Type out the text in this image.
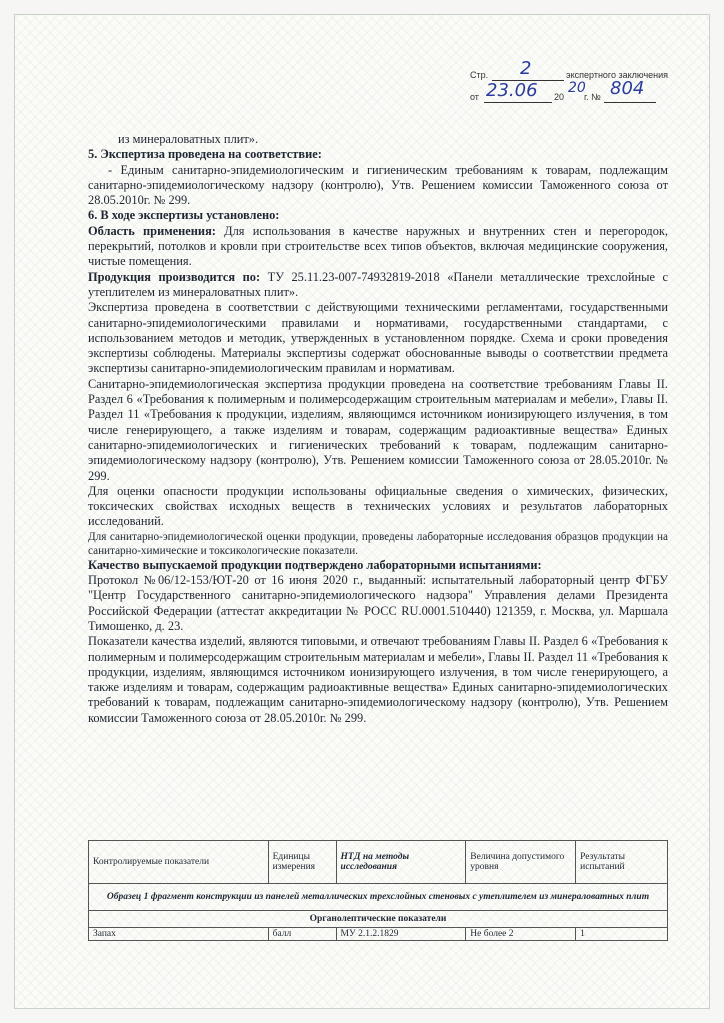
Стр. 2	экспертного заключения
от 23.06 20
20
г. № 804

из минераловатных плит».

5. Экспертиза проведена на соответствие:

- Единым санитарно-эпидемиологическим и гигиеническим требованиям к товарам, подлежащим санитарно-эпидемиологическому надзору (контролю), Утв. Решением комиссии Таможенного союза от 28.05.2010г. № 299.

6. В ходе экспертизы установлено:

Область применения: Для использования в качестве наружных и внутренних стен и перегородок, перекрытий, потолков и кровли при строительстве всех типов объектов, включая медицинские сооружения, чистые помещения.

Продукция производится по: ТУ 25.11.23-007-74932819-2018 «Панели металлические трехслойные с утеплителем из минераловатных плит».

Экспертиза проведена в соответствии с действующими техническими регламентами, государственными санитарно-эпидемиологическими правилами и нормативами, государственными стандартами, с использованием методов и методик, утвержденных в установленном порядке. Схема и сроки проведения экспертизы соблюдены. Материалы экспертизы содержат обоснованные выводы о соответствии предмета экспертизы санитарно-эпидемиологическим правилам и нормативам.

Санитарно-эпидемиологическая экспертиза продукции проведена на соответствие требованиям Главы II. Раздел 6 «Требования к полимерным и полимерсодержащим строительным материалам и мебели», Главы II. Раздел 11 «Требования к продукции, изделиям, являющимся источником ионизирующего излучения, в том числе генерирующего, а также изделиям и товарам, содержащим радиоактивные вещества» Единых санитарно-эпидемиологических и гигиенических требований к товарам, подлежащим санитарно-эпидемиологическому надзору (контролю), Утв. Решением комиссии Таможенного союза от 28.05.2010г. № 299.

Для оценки опасности продукции использованы официальные сведения о химических, физических, токсических свойствах исходных веществ в технических условиях и результатов лабораторных исследований.

Для санитарно-эпидемиологической оценки продукции, проведены лабораторные исследования образцов продукции на санитарно-химические и токсикологические показатели.

Качество выпускаемой продукции подтверждено лабораторными испытаниями:

Протокол №06/12-153/ЮТ-20 от 16 июня 2020 г., выданный: испытательный лабораторный центр ФГБУ "Центр Государственного санитарно-эпидемиологического надзора" Управления делами Президента Российской Федерации (аттестат аккредитации № РОСС RU.0001.510440) 121359, г. Москва, ул. Маршала Тимошенко, д. 23.

Показатели качества изделий, являются типовыми, и отвечают требованиям Главы II. Раздел 6 «Требования к полимерным и полимерсодержащим строительным материалам и мебели», Главы II. Раздел 11 «Требования к продукции, изделиям, являющимся источником ионизирующего излучения, в том числе генерирующего, а также изделиям и товарам, содержащим радиоактивные вещества» Единых санитарно-эпидемиологических требований к товарам, подлежащим санитарно-эпидемиологическому надзору (контролю), Утв. Решением комиссии Таможенного союза от 28.05.2010г. № 299.

Контролируемые показатели	Единицы измерения	НТД на методы исследования	Величина допустимого уровня	Результаты испытаний
Образец 1 фрагмент конструкции из панелей металлических трехслойных стеновых с утеплителем из минераловатных плит				
Органолептические показатели				
Запах	балл	МУ 2.1.2.1829	Не более 2	1
